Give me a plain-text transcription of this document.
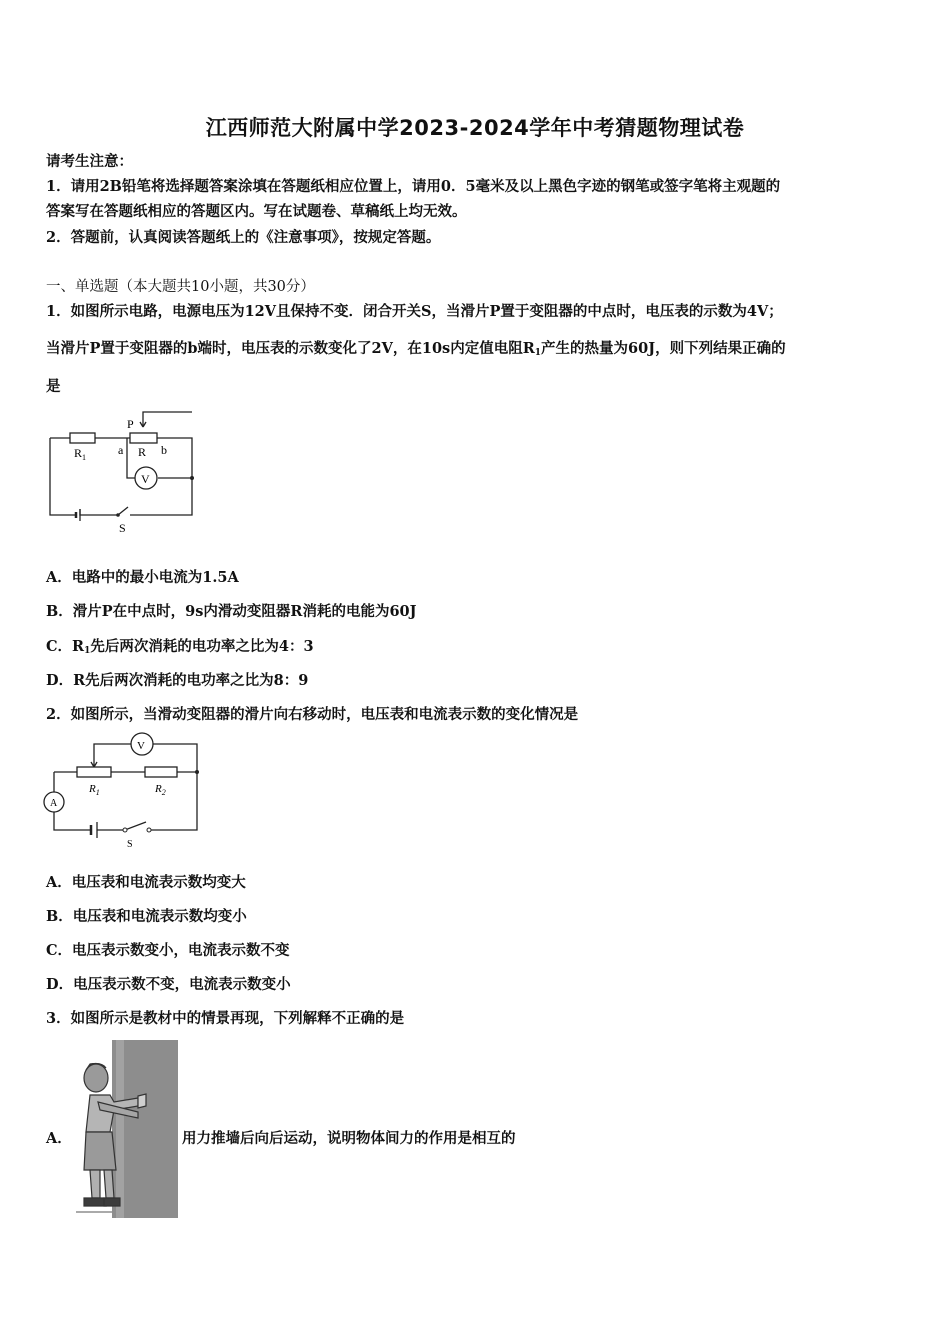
江西师范大附属中学2023-2024学年中考猜题物理试卷
请考生注意：
1．请用2B铅笔将选择题答案涂填在答题纸相应位置上，请用0．5毫米及以上黑色字迹的钢笔或签字笔将主观题的
答案写在答题纸相应的答题区内。写在试题卷、草稿纸上均无效。
2．答题前，认真阅读答题纸上的《注意事项》，按规定答题。
一、单选题（本大题共10小题，共30分）
1．如图所示电路，电源电压为12V且保持不变．闭合开关S，当滑片P置于变阻器的中点时，电压表的示数为4V；
当滑片P置于变阻器的b端时，电压表的示数变化了2V，在10s内定值电阻R1产生的热量为60J，则下列结果正确的
是
$R_1$
P
R
a	b
V
S
A．电路中的最小电流为1.5A
B．滑片P在中点时，9s内滑动变阻器R消耗的电能为60J
C．R1先后两次消耗的电功率之比为4：3
D．R先后两次消耗的电功率之比为8：9
2．如图所示，当滑动变阻器的滑片向右移动时，电压表和电流表示数的变化情况是
V
A
$R_1$	$R_2$
S
A．电压表和电流表示数均变大
B．电压表和电流表示数均变小
C．电压表示数变小，电流表示数不变
D．电压表示数不变，电流表示数变小
3．如图所示是教材中的情景再现，下列解释不正确的是
A．	用力推墙后向后运动，说明物体间力的作用是相互的
